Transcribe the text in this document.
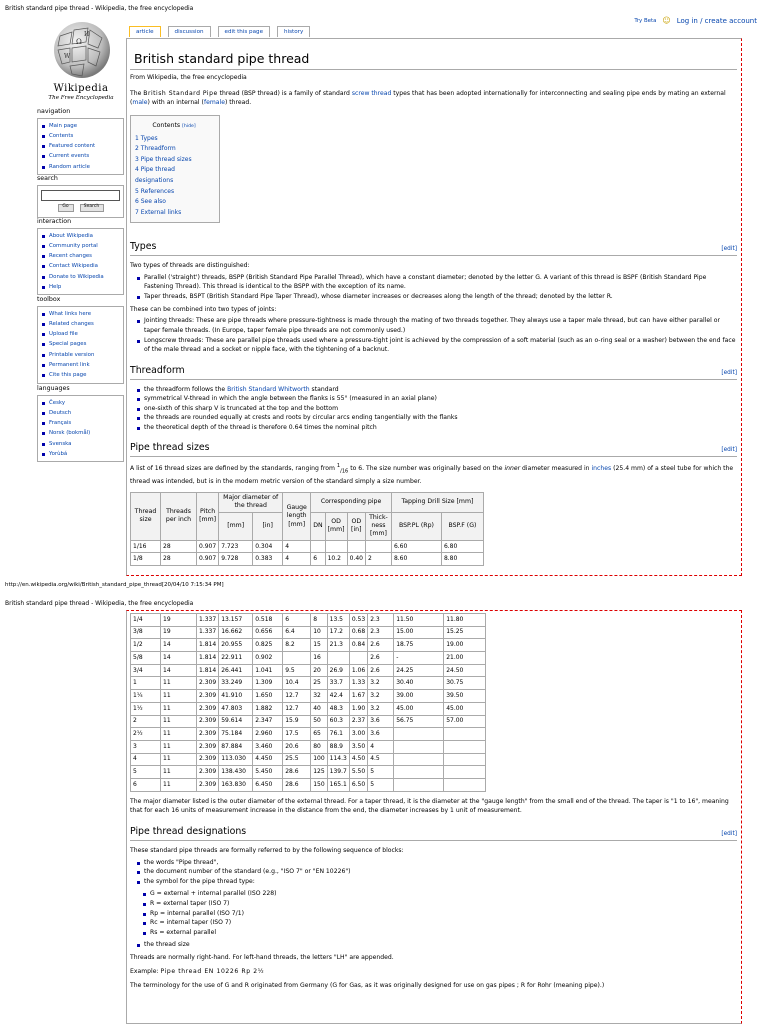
British standard pipe thread - Wikipedia, the free encyclopedia
Ω
W
И
Wikipedia
The Free Encyclopedia
article	discussion	edit this page	history
Try Beta ☺ Log in / create account
navigation
Main page
Contents
Featured content
Current events
Random article
search
Go	Search
interaction
About Wikipedia
Community portal
Recent changes
Contact Wikipedia
Donate to Wikipedia
Help
toolbox
What links here
Related changes
Upload file
Special pages
Printable version
Permanent link
Cite this page
languages
Česky
Deutsch
Français
Norsk (bokmål)
Svenska
Yorùbá
British standard pipe thread

From Wikipedia, the free encyclopedia

The British Standard Pipe thread (BSP thread) is a family of standard screw thread types that has been adopted internationally for interconnecting and sealing pipe ends by mating an external (male) with an internal (female) thread.

Contents [hide]
1 Types
2 Threadform
3 Pipe thread sizes
4 Pipe thread designations
5 References
6 See also
7 External links
Types	[edit]

Two types of threads are distinguished:

Parallel ('straight') threads, BSPP (British Standard Pipe Parallel Thread), which have a constant diameter; denoted by the letter G. A variant of this thread is BSPF (British Standard Pipe Fastening Thread). This thread is identical to the BSPP with the exception of its name.
Taper threads, BSPT (British Standard Pipe Taper Thread), whose diameter increases or decreases along the length of the thread; denoted by the letter R.

These can be combined into two types of joints:

Jointing threads: These are pipe threads where pressure-tightness is made through the mating of two threads together. They always use a taper male thread, but can have either parallel or taper female threads. (In Europe, taper female pipe threads are not commonly used.)
Longscrew threads: These are parallel pipe threads used where a pressure-tight joint is achieved by the compression of a soft material (such as an o-ring seal or a washer) between the end face of the male thread and a socket or nipple face, with the tightening of a backnut.
Threadform	[edit]
the threadform follows the British Standard Whitworth standard
symmetrical V-thread in which the angle between the flanks is 55° (measured in an axial plane)
one-sixth of this sharp V is truncated at the top and the bottom
the threads are rounded equally at crests and roots by circular arcs ending tangentially with the flanks
the theoretical depth of the thread is therefore 0.64 times the nominal pitch
Pipe thread sizes	[edit]

A list of 16 thread sizes are defined by the standards, ranging from $^1_{/16}$ to 6. The size number was originally based on the inner diameter measured in inches (25.4 mm) of a steel tube for which the thread was intended, but is in the modern metric version of the standard simply a size number.

Thread size	Threads per inch	Pitch [mm]	Major diameter of the thread		Gauge length [mm]	Corresponding pipe				Tapping Drill Size [mm]	
			[mm]	[in]		DN	OD [mm]	OD [in]	Thick-ness [mm]	BSP.PL (Rp)	BSP.F (G)
1/16	28	0.907	7.723	0.304	4					6.60	6.80
1/8	28	0.907	9.728	0.383	4	6	10.2	0.40	2	8.60	8.80
http://en.wikipedia.org/wiki/British_standard_pipe_thread[20/04/10 7:15:34 PM]
British standard pipe thread - Wikipedia, the free encyclopedia
1/4	19	1.337	13.157	0.518	6	8	13.5	0.53	2.3	11.50	11.80
3/8	19	1.337	16.662	0.656	6.4	10	17.2	0.68	2.3	15.00	15.25
1/2	14	1.814	20.955	0.825	8.2	15	21.3	0.84	2.6	18.75	19.00
5/8	14	1.814	22.911	0.902		16			2.6	-	21.00
3/4	14	1.814	26.441	1.041	9.5	20	26.9	1.06	2.6	24.25	24.50
1	11	2.309	33.249	1.309	10.4	25	33.7	1.33	3.2	30.40	30.75
1¼	11	2.309	41.910	1.650	12.7	32	42.4	1.67	3.2	39.00	39.50
1½	11	2.309	47.803	1.882	12.7	40	48.3	1.90	3.2	45.00	45.00
2	11	2.309	59.614	2.347	15.9	50	60.3	2.37	3.6	56.75	57.00
2½	11	2.309	75.184	2.960	17.5	65	76.1	3.00	3.6		
3	11	2.309	87.884	3.460	20.6	80	88.9	3.50	4		
4	11	2.309	113.030	4.450	25.5	100	114.3	4.50	4.5		
5	11	2.309	138.430	5.450	28.6	125	139.7	5.50	5		
6	11	2.309	163.830	6.450	28.6	150	165.1	6.50	5		

The major diameter listed is the outer diameter of the external thread. For a taper thread, it is the diameter at the "gauge length" from the small end of the thread. The taper is "1 to 16", meaning that for each 16 units of measurement increase in the distance from the end, the diameter increases by 1 unit of measurement.

Pipe thread designations	[edit]

These standard pipe threads are formally referred to by the following sequence of blocks:

the words "Pipe thread",
the document number of the standard (e.g., "ISO 7" or "EN 10226")
the symbol for the pipe thread type:
G = external + internal parallel (ISO 228)
R = external taper (ISO 7)
Rp = internal parallel (ISO 7/1)
Rc = internal taper (ISO 7)
Rs = external parallel
the thread size

Threads are normally right-hand. For left-hand threads, the letters "LH" are appended.

Example: Pipe thread EN 10226 Rp 2½

The terminology for the use of G and R originated from Germany (G for Gas, as it was originally designed for use on gas pipes ; R for Rohr (meaning pipe).)
